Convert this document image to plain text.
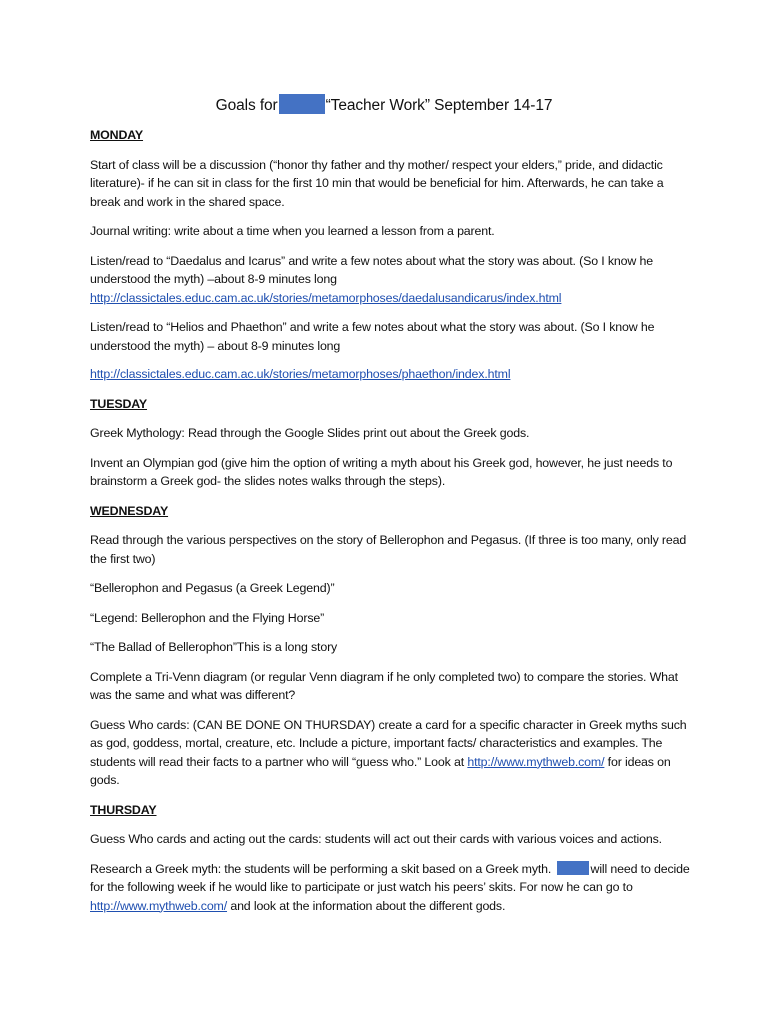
Goals for	“Teacher Work” September 14-17

MONDAY

Start of class will be a discussion (“honor thy father and thy mother/ respect your elders,” pride, and didactic literature)- if he can sit in class for the first 10 min that would be beneficial for him. Afterwards, he can take a break and work in the shared space.

Journal writing: write about a time when you learned a lesson from a parent.

Listen/read to “Daedalus and Icarus” and write a few notes about what the story was about. (So I know he understood the myth) –about 8-9 minutes long

http://classictales.educ.cam.ac.uk/stories/metamorphoses/daedalusandicarus/index.html

Listen/read to “Helios and Phaethon” and write a few notes about what the story was about. (So I know he understood the myth) – about 8-9 minutes long

http://classictales.educ.cam.ac.uk/stories/metamorphoses/phaethon/index.html

TUESDAY

Greek Mythology: Read through the Google Slides print out about the Greek gods.

Invent an Olympian god (give him the option of writing a myth about his Greek god, however, he just needs to brainstorm a Greek god- the slides notes walks through the steps).

WEDNESDAY

Read through the various perspectives on the story of Bellerophon and Pegasus. (If three is too many, only read the first two)

“Bellerophon and Pegasus (a Greek Legend)”

“Legend: Bellerophon and the Flying Horse”

“The Ballad of Bellerophon”This is a long story

Complete a Tri-Venn diagram (or regular Venn diagram if he only completed two) to compare the stories. What was the same and what was different?

Guess Who cards: (CAN BE DONE ON THURSDAY) create a card for a specific character in Greek myths such as god, goddess, mortal, creature, etc. Include a picture, important facts/ characteristics and examples. The students will read their facts to a partner who will “guess who.” Look at http://www.mythweb.com/ for ideas on gods.

THURSDAY

Guess Who cards and acting out the cards: students will act out their cards with various voices and actions.

Research a Greek myth: the students will be performing a skit based on a Greek myth.	will need to decide for the following week if he would like to participate or just watch his peers’ skits. For now he can go to http://www.mythweb.com/ and look at the information about the different gods.
